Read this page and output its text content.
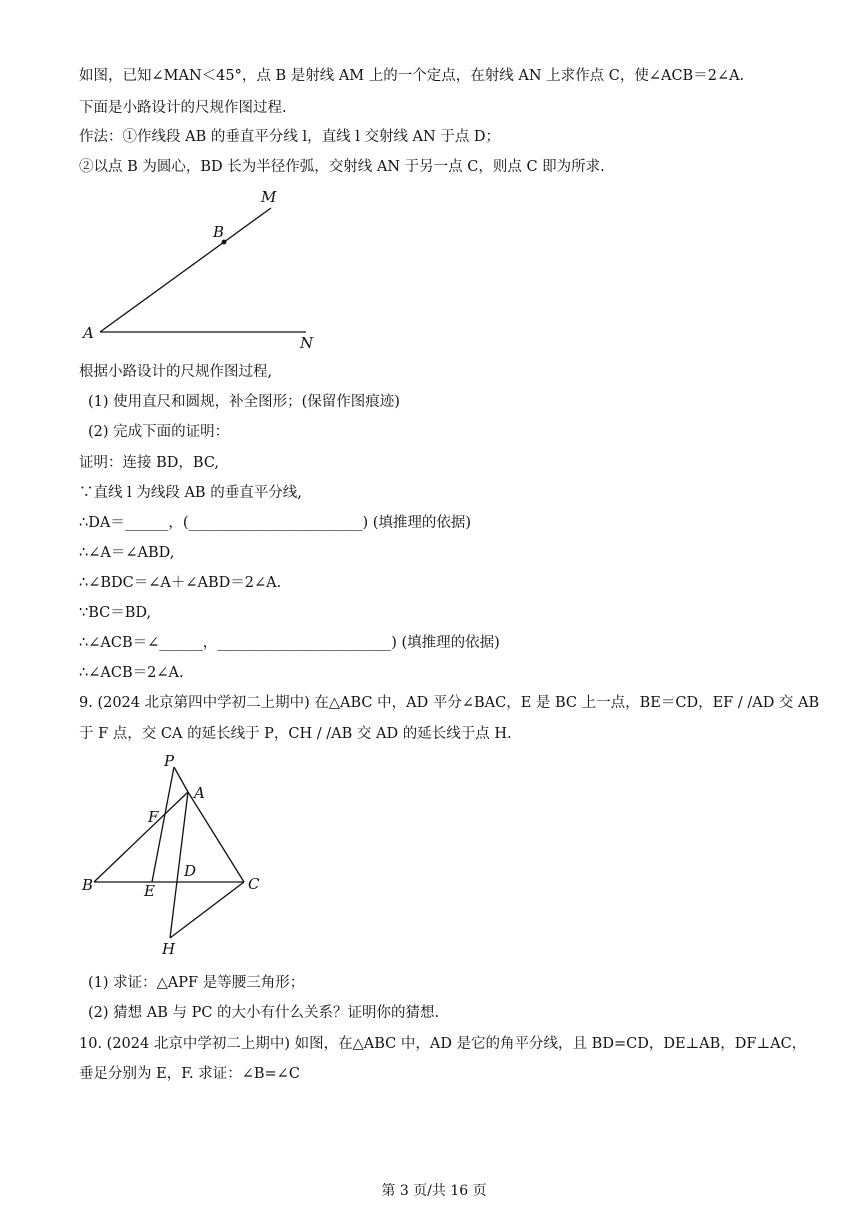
如图，已知∠MAN＜45°，点 B 是射线 AM 上的一个定点，在射线 AN 上求作点 C，使∠ACB＝2∠A.
下面是小路设计的尺规作图过程.
作法：①作线段 AB 的垂直平分线 l，直线 l 交射线 AN 于点 D；
②以点 B 为圆心，BD 长为半径作弧，交射线 AN 于另一点 C，则点 C 即为所求.
M
B
A
N
根据小路设计的尺规作图过程,
(1) 使用直尺和圆规，补全图形；(保留作图痕迹)
(2) 完成下面的证明：
证明：连接 BD，BC,
∵直线 l 为线段 AB 的垂直平分线,
∴DA＝______，(________________________) (填推理的依据)
∴∠A＝∠ABD,
∴∠BDC＝∠A＋∠ABD＝2∠A.
∵BC＝BD,
∴∠ACB＝∠______，________________________) (填推理的依据)
∴∠ACB＝2∠A.
9. (2024 北京第四中学初二上期中) 在△ABC 中，AD 平分∠BAC，E 是 BC 上一点，BE＝CD，EF / /AD 交 AB
于 F 点，交 CA 的延长线于 P，CH / /AB 交 AD 的延长线于点 H.
P
A
F
D
B	E	C
H
(1) 求证：△APF 是等腰三角形；
(2) 猜想 AB 与 PC 的大小有什么关系？证明你的猜想.
10. (2024 北京中学初二上期中) 如图，在△ABC 中，AD 是它的角平分线，且 BD=CD，DE⊥AB，DF⊥AC，
垂足分别为 E，F. 求证：∠B=∠C
第 3 页/共 16 页
